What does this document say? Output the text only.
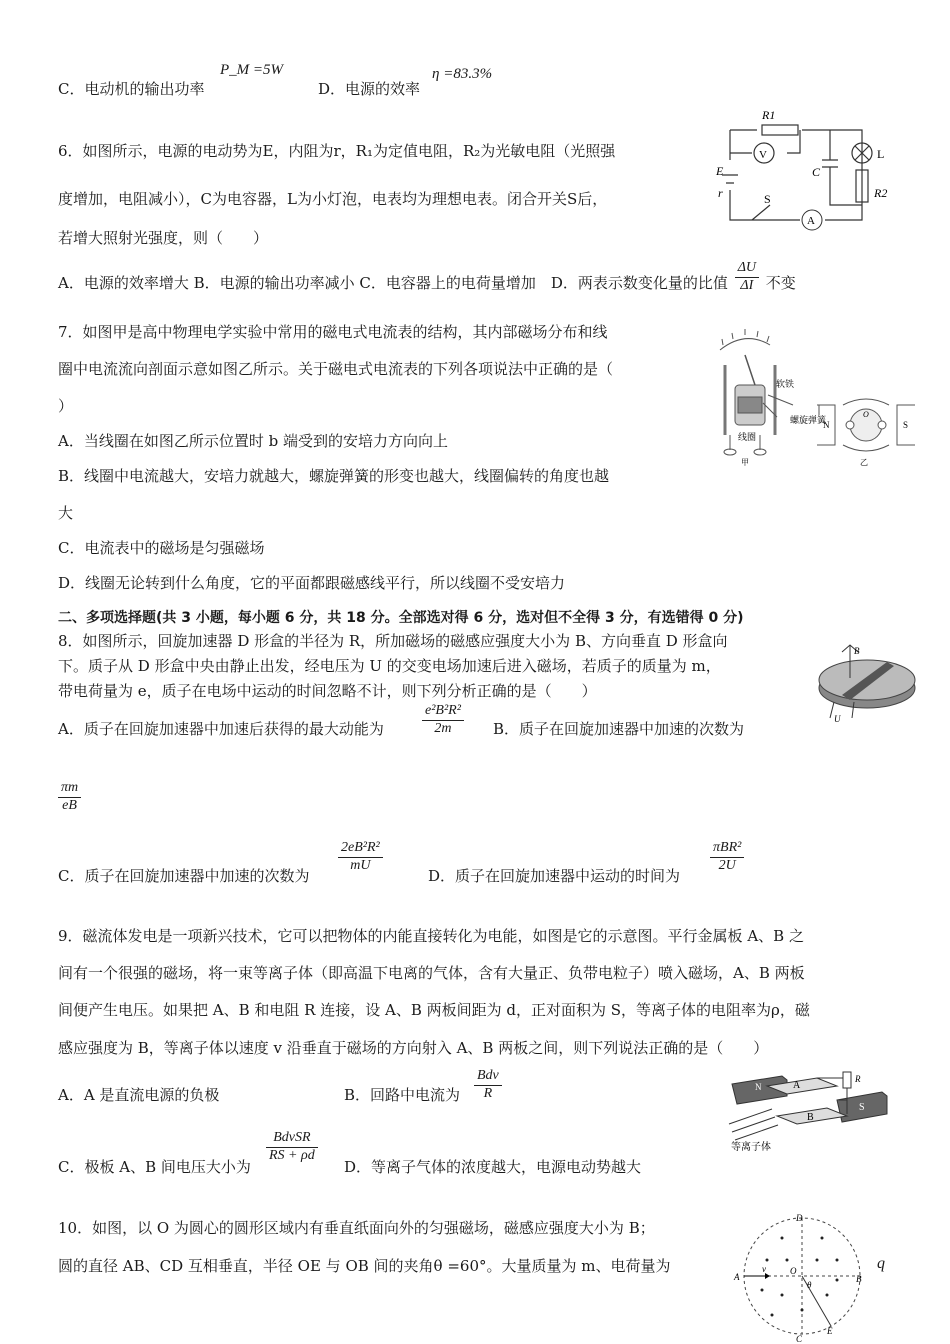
C．电动机的输出功率
P_M =5W
D．电源的效率
η =83.3%
6．如图所示，电源的电动势为E，内阻为r，R₁为定值电阻，R₂为光敏电阻（光照强
度增加，电阻减小），C为电容器，L为小灯泡，电表均为理想电表。闭合开关S后，
若增大照射光强度，则（　　）
A．电源的效率增大 B．电源的输出功率减小 C．电容器上的电荷量增加　D．两表示数变化量的比值 $\frac{\Delta U}{\Delta I}$ 不变
R1
V
C
L
E
r	S
A
R2
7．如图甲是高中物理电学实验中常用的磁电式电流表的结构，其内部磁场分布和线
圈中电流流向剖面示意如图乙所示。关于磁电式电流表的下列各项说法中正确的是（
）
A．当线圈在如图乙所示位置时 b 端受到的安培力方向向上
B．线圈中电流越大，安培力就越大，螺旋弹簧的形变也越大，线圈偏转的角度也越
大
C．电流表中的磁场是匀强磁场
D．线圈无论转到什么角度，它的平面都跟磁感线平行，所以线圈不受安培力
软铁
螺旋弹簧
线圈
甲	乙
N	S
O
二、多项选择题(共 3 小题，每小题 6 分，共 18 分。全部选对得 6 分，选对但不全得 3 分，有选错得 0 分)
8．如图所示，回旋加速器 D 形盒的半径为 R，所加磁场的磁感应强度大小为 B、方向垂直 D 形盒向
下。质子从 D 形盒中央由静止出发，经电压为 U 的交变电场加速后进入磁场，若质子的质量为 m，
带电荷量为 e，质子在电场中运动的时间忽略不计，则下列分析正确的是（　　）
A．质子在回旋加速器中加速后获得的最大动能为	$\frac{\text{e²B²R²}}{2m}$ B．质子在回旋加速器中加速的次数为
$\frac{\pi m}{eB}$
C．质子在回旋加速器中加速的次数为
$\frac{\text{2eB²R²}}{mU}$
D．质子在回旋加速器中运动的时间为
$\frac{\text{πBR²}}{2U}$
B
U
9．磁流体发电是一项新兴技术，它可以把物体的内能直接转化为电能，如图是它的示意图。平行金属板 A、B 之
间有一个很强的磁场，将一束等离子体（即高温下电离的气体，含有大量正、负带电粒子）喷入磁场，A、B 两板
间便产生电压。如果把 A、B 和电阻 R 连接，设 A、B 两板间距为 d，正对面积为 S，等离子体的电阻率为ρ，磁
感应强度为 B，等离子体以速度 v 沿垂直于磁场的方向射入 A、B 两板之间，则下列说法正确的是（　　）
A．A 是直流电源的负极	B．回路中电流为 $\frac{\text{Bdv}}{R}$
C．极板 A、B 间电压大小为
$\frac{\text{BdvSR}}{RS + \rho d}$
D．等离子气体的浓度越大，电源电动势越大
N	A
B
S
R
等离子体
10．如图，以 O 为圆心的圆形区域内有垂直纸面向外的匀强磁场，磁感应强度大小为 B；
圆的直径 AB、CD 互相垂直，半径 OE 与 OB 间的夹角θ =60°。大量质量为 m、电荷量为	q
D
A
v	O
θ
B
C
E
